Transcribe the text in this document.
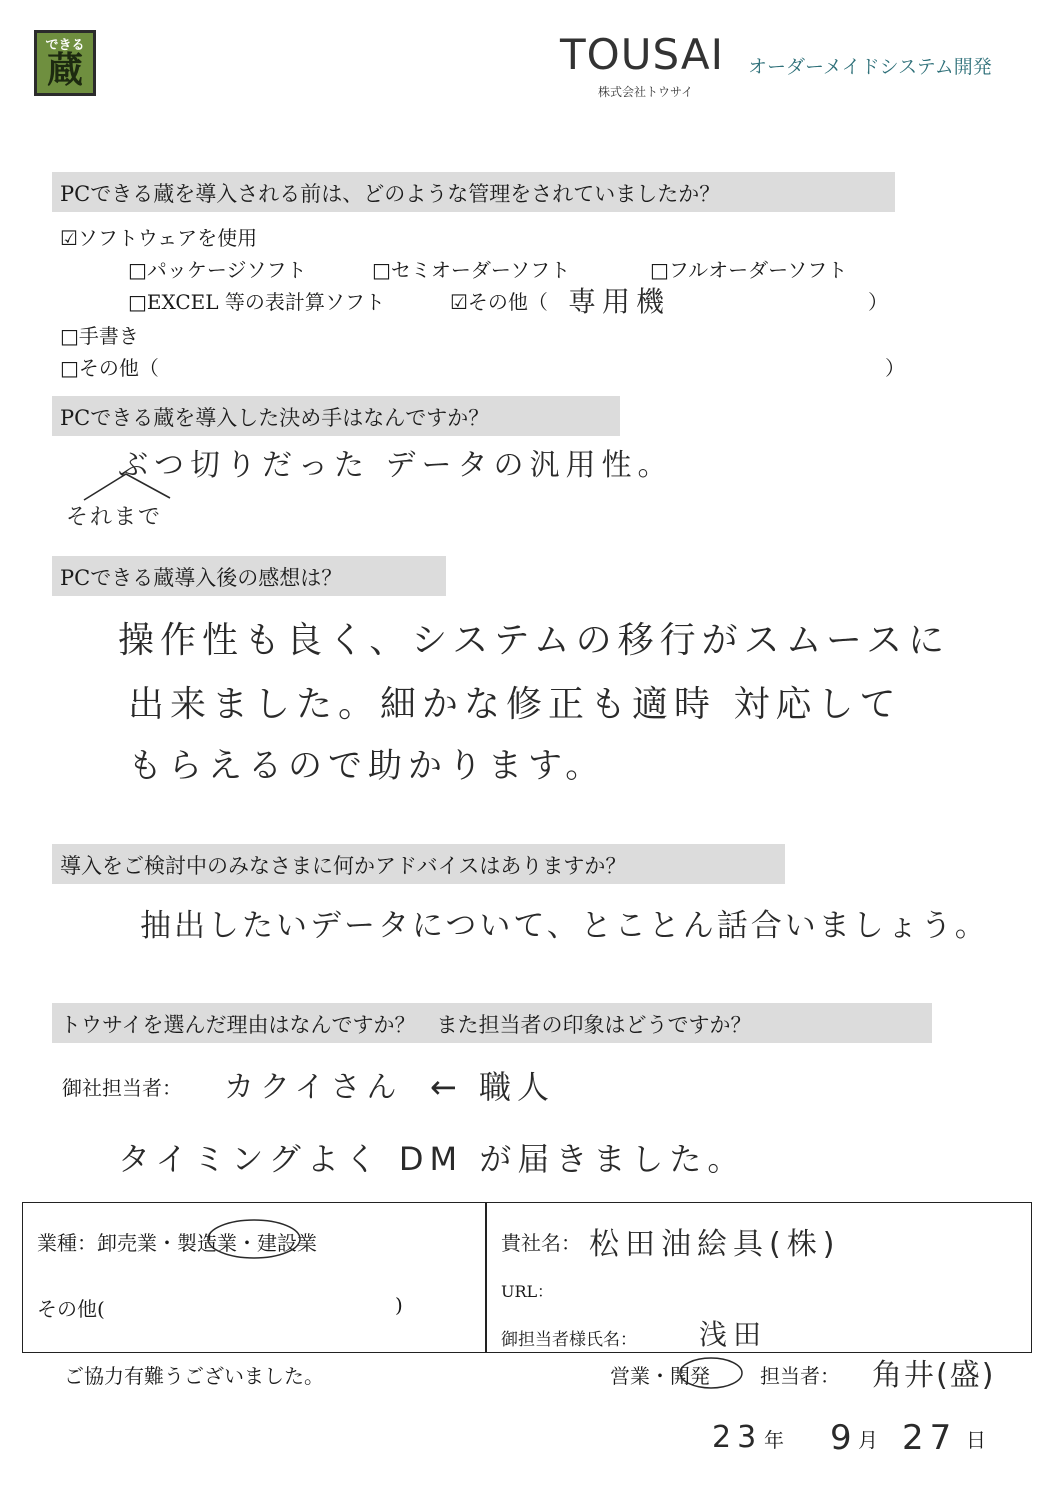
できる
蔵	TOUSAI
株式会社トウサイ
オーダーメイドシステム開発
PCできる蔵を導入される前は、どのような管理をされていましたか？
☑ソフトウェアを使用
□パッケージソフト	□セミオーダーソフト	□フルオーダーソフト
□EXCEL 等の表計算ソフト	☑その他（ 専用機	）
□手書き
□その他（	）
PCできる蔵を導入した決め手はなんですか？
ぶつ切りだった データの汎用性。
それまで
PCできる蔵導入後の感想は？
操作性も良く、システムの移行がスムースに
出来ました。細かな修正も適時 対応して
もらえるので助かります。
導入をご検討中のみなさまに何かアドバイスはありますか？
抽出したいデータについて、とことん話合いましょう。
トウサイを選んだ理由はなんですか？　また担当者の印象はどうですか？
御社担当者： カクイさん ← 職人
タイミングよく DM が届きました。
業種：卸売業・製造業・建設業
その他(	)
貴社名： 松田油絵具(株)
URL：
御担当者様氏名： 浅田
ご協力有難うございました。	営業・開発	担当者： 角井(盛)
23 年 9 月 27 日
